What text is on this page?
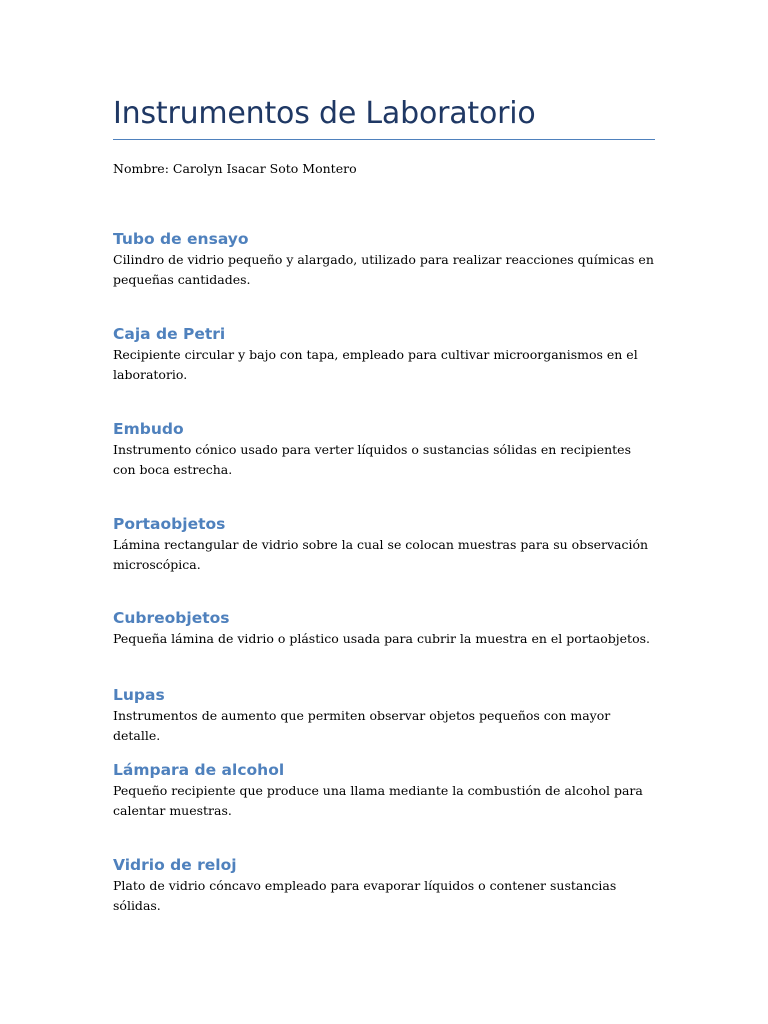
Instrumentos de Laboratorio

Nombre: Carolyn Isacar Soto Montero

Tubo de ensayo

Cilindro de vidrio pequeño y alargado, utilizado para realizar reacciones químicas en pequeñas cantidades.

Caja de Petri

Recipiente circular y bajo con tapa, empleado para cultivar microorganismos en el laboratorio.

Embudo

Instrumento cónico usado para verter líquidos o sustancias sólidas en recipientes con boca estrecha.

Portaobjetos

Lámina rectangular de vidrio sobre la cual se colocan muestras para su observación microscópica.

Cubreobjetos

Pequeña lámina de vidrio o plástico usada para cubrir la muestra en el portaobjetos.

Lupas

Instrumentos de aumento que permiten observar objetos pequeños con mayor detalle.

Lámpara de alcohol

Pequeño recipiente que produce una llama mediante la combustión de alcohol para calentar muestras.

Vidrio de reloj

Plato de vidrio cóncavo empleado para evaporar líquidos o contener sustancias sólidas.
